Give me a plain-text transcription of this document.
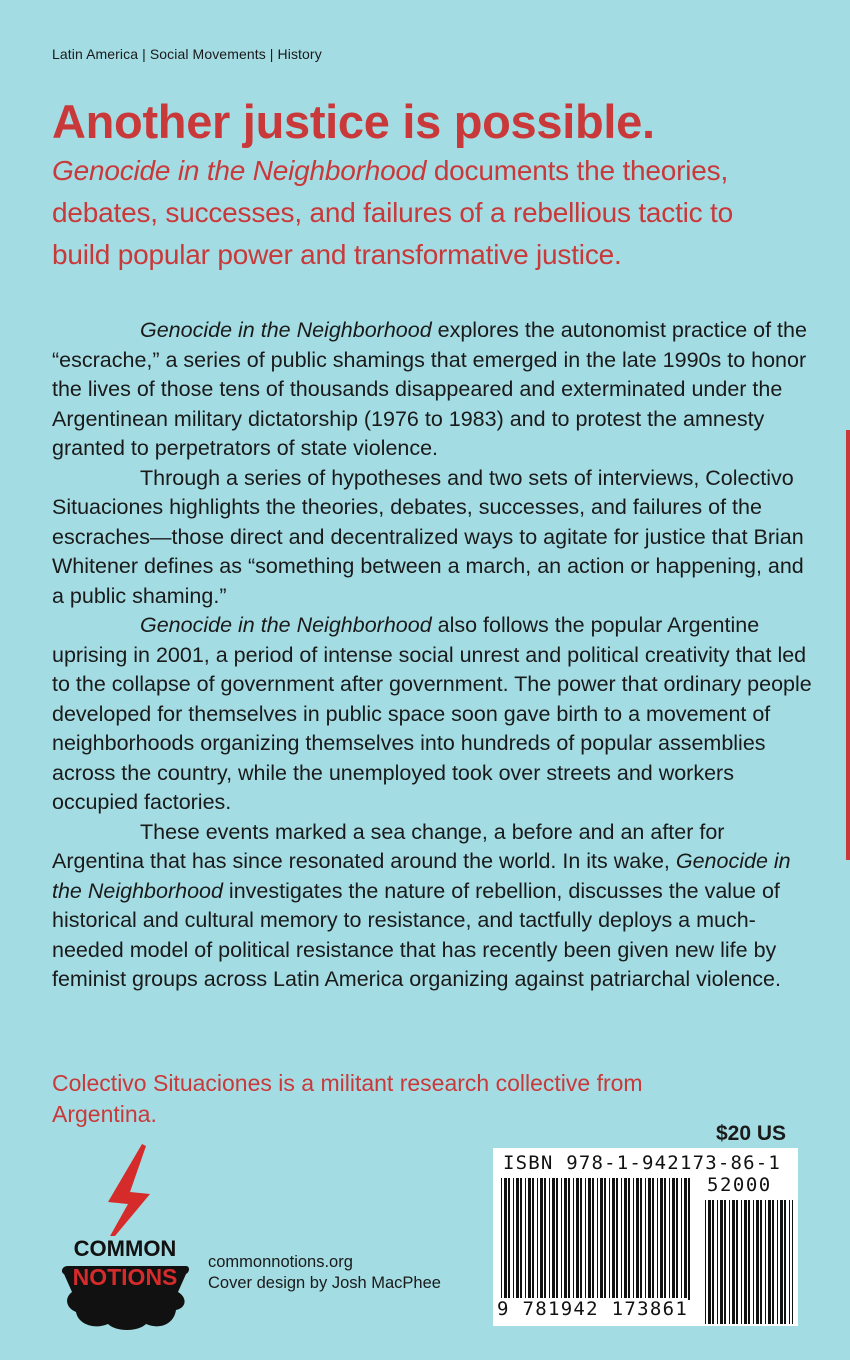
Latin America | Social Movements | History
Another justice is possible.

Genocide in the Neighborhood documents the theories, debates, successes, and failures of a rebellious tactic to build popular power and transformative justice.

Genocide in the Neighborhood explores the autonomist practice of the “escrache,” a series of public shamings that emerged in the late 1990s to honor the lives of those tens of thousands disappeared and exterminated under the Argentinean military dictatorship (1976 to 1983) and to protest the amnesty granted to perpetrators of state violence.

Through a series of hypotheses and two sets of interviews, Colectivo Situaciones highlights the theories, debates, successes, and failures of the escraches—those direct and decentralized ways to agitate for justice that Brian Whitener defines as “something between a march, an action or happening, and a public shaming.”

Genocide in the Neighborhood also follows the popular Argentine uprising in 2001, a period of intense social unrest and political creativity that led to the collapse of government after government. The power that ordinary people developed for themselves in public space soon gave birth to a movement of neighborhoods organizing themselves into hundreds of popular assemblies across the country, while the unemployed took over streets and workers occupied factories.

These events marked a sea change, a before and an after for Argentina that has since resonated around the world. In its wake, Genocide in the Neighborhood investigates the nature of rebellion, discusses the value of historical and cultural memory to resistance, and tactfully deploys a much-needed model of political resistance that has recently been given new life by feminist groups across Latin America organizing against patriarchal violence.

Colectivo Situaciones is a militant research collective from Argentina.

$20 US
COMMON
NOTIONS
commonnotions.org
Cover design by Josh MacPhee
ISBN 978-1-942173-86-1
52000
9 781942 173861
